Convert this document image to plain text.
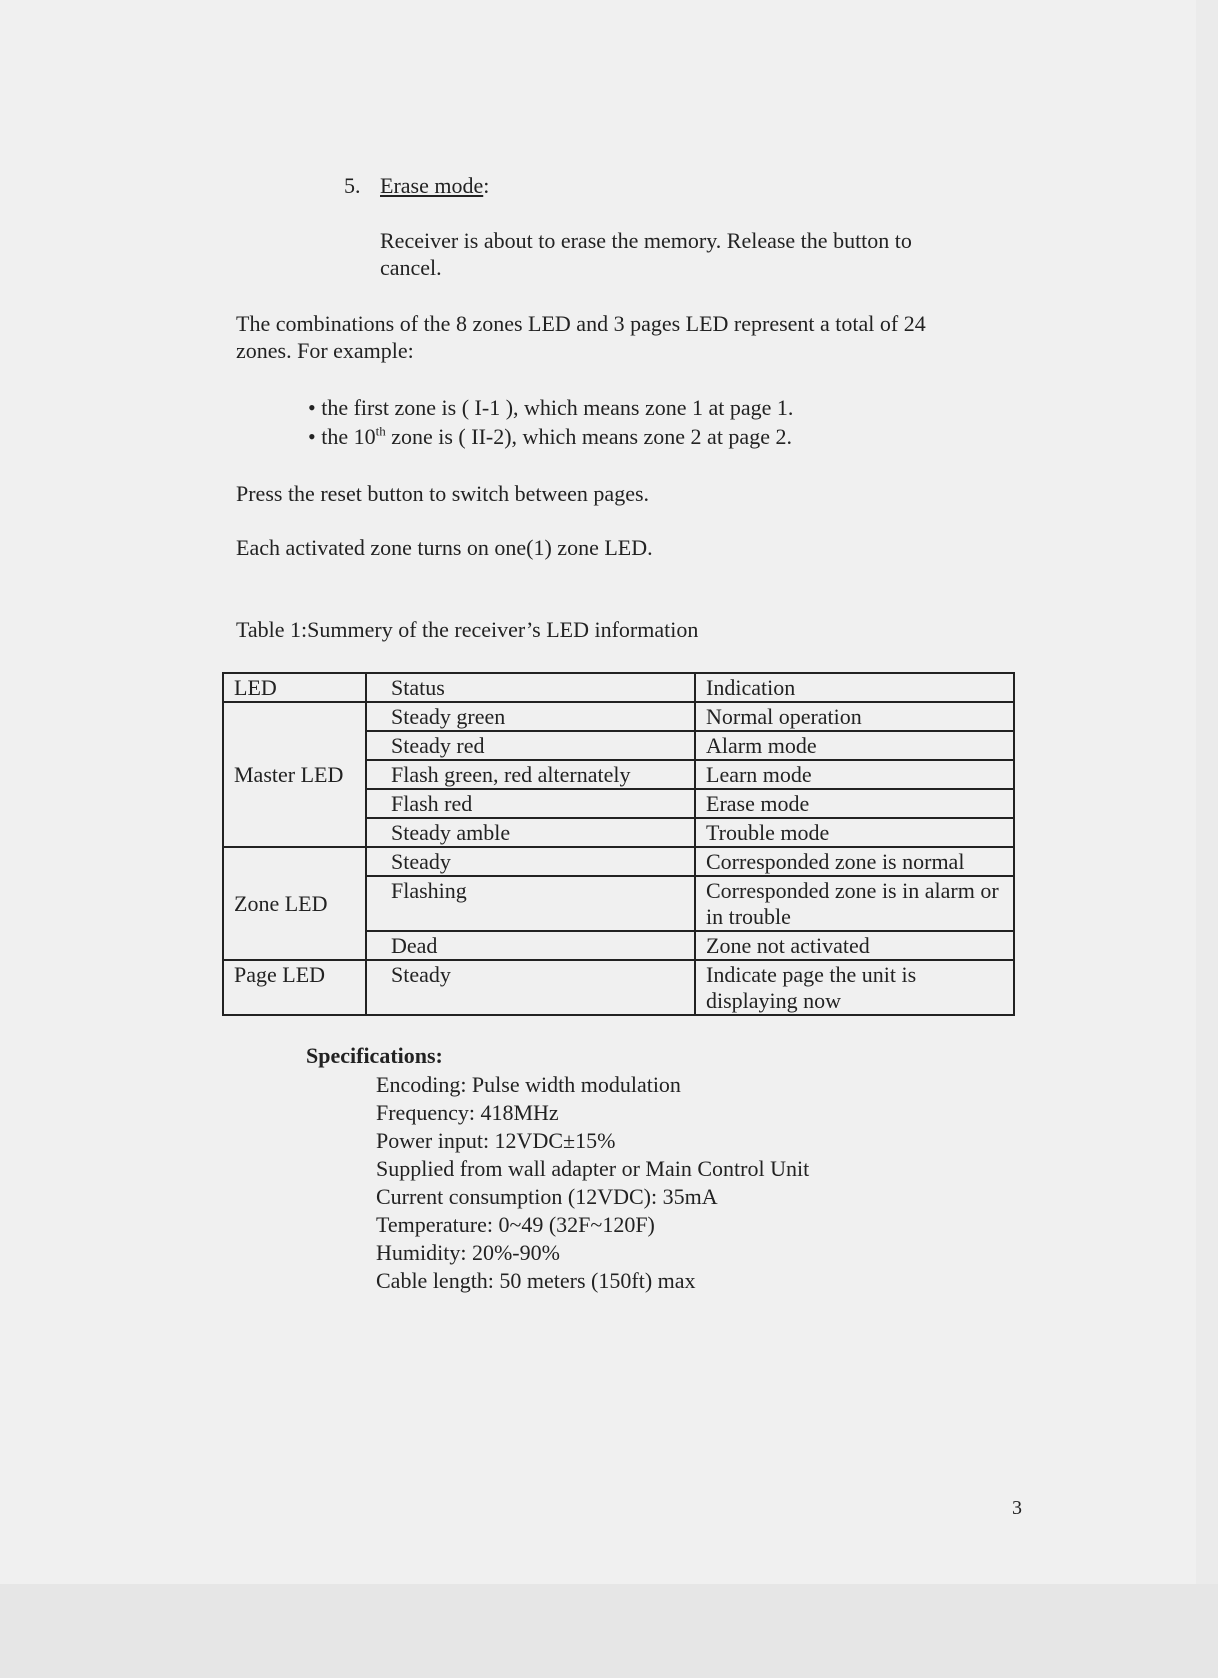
5. Erase mode:
Receiver is about to erase the memory. Release the button to
cancel.
The combinations of the 8 zones LED and 3 pages LED represent a total of 24
zones. For example:
• the first zone is ( I-1 ), which means zone 1 at page 1.
• the 10th zone is ( II-2), which means zone 2 at page 2.
Press the reset button to switch between pages.
Each activated zone turns on one(1) zone LED.
Table 1:Summery of the receiver’s LED information
LED	Status	Indication
Master LED	Steady green	Normal operation
	Steady red	Alarm mode
	Flash green, red alternately	Learn mode
	Flash red	Erase mode
	Steady amble	Trouble mode
Zone LED	Steady	Corresponded zone is normal
	Flashing	Corresponded zone is in alarm or in trouble
	Dead	Zone not activated
Page LED	Steady	Indicate page the unit is displaying now
Specifications:
Encoding: Pulse width modulation
Frequency: 418MHz
Power input: 12VDC±15%
Supplied from wall adapter or Main Control Unit
Current consumption (12VDC): 35mA
Temperature: 0~49 (32F~120F)
Humidity: 20%-90%
Cable length: 50 meters (150ft) max
3
